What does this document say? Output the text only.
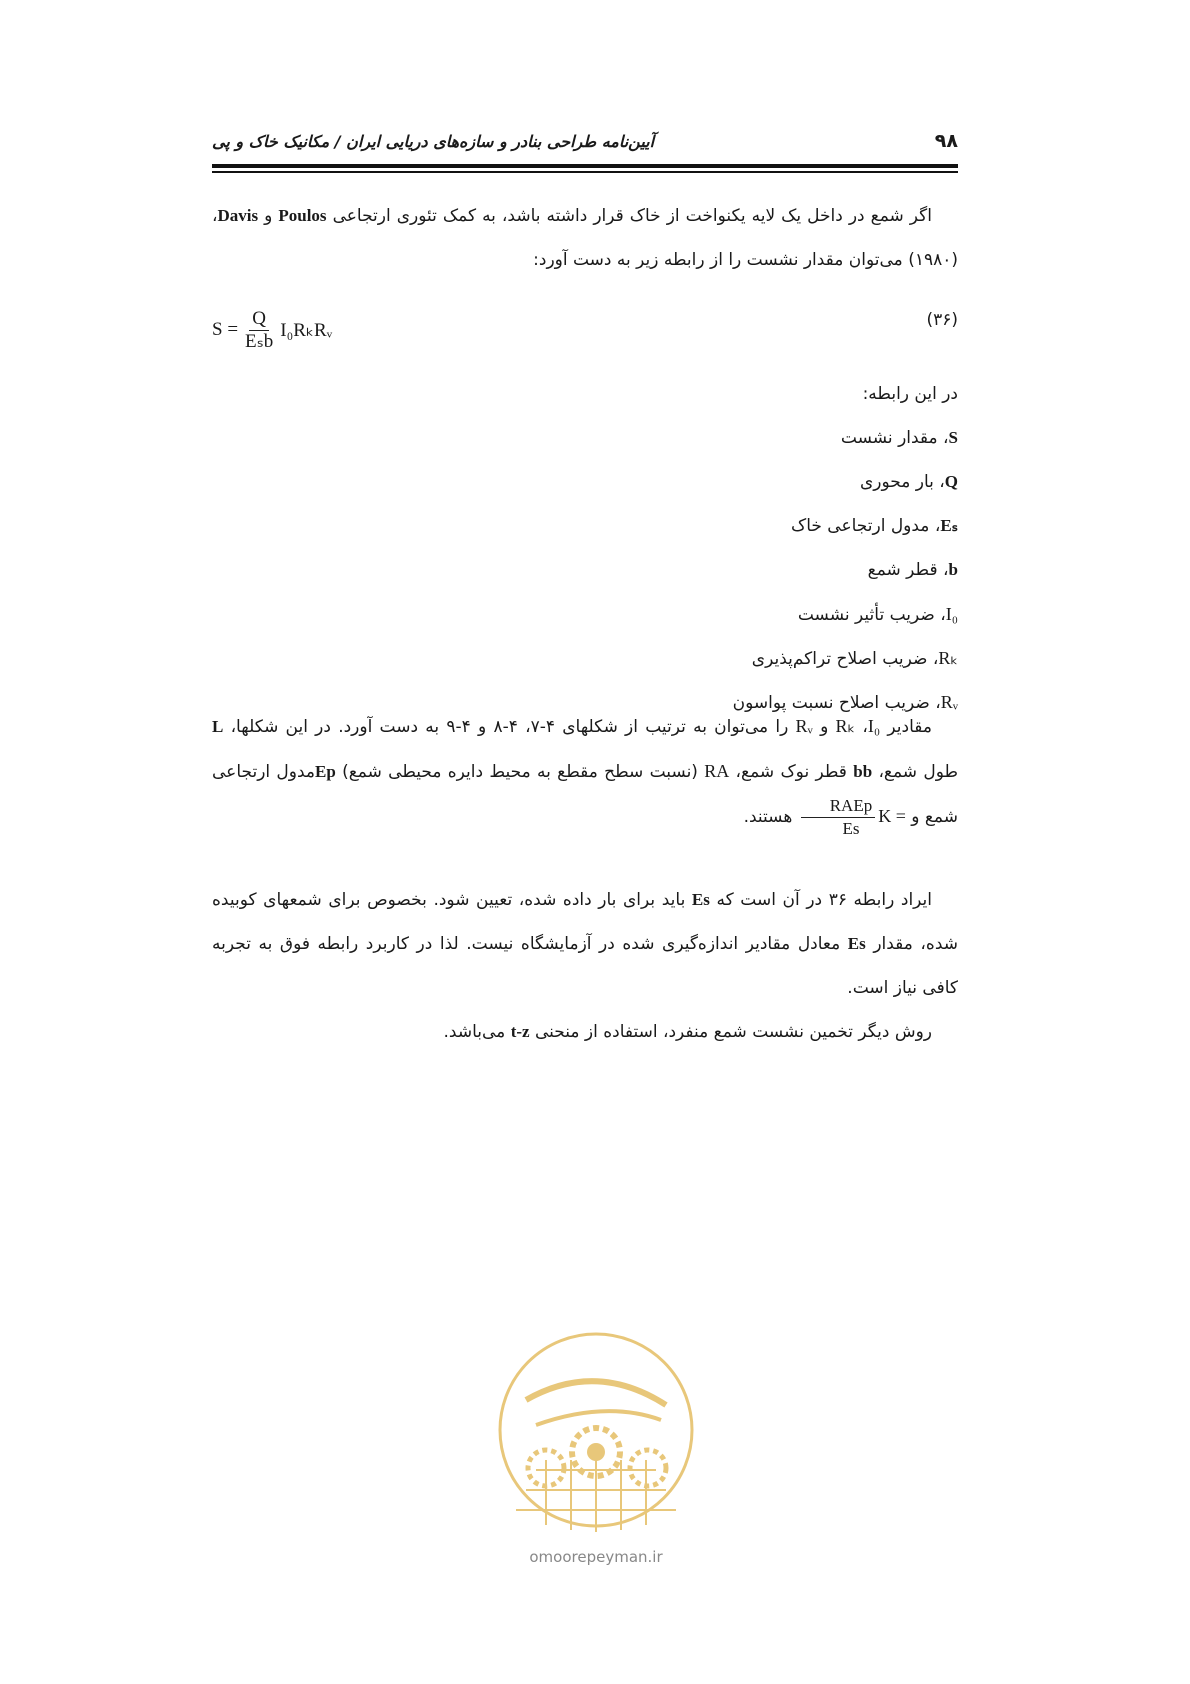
۹۸
آیین‌نامه طراحی بنادر و سازه‌های دریایی ایران / مکانیک خاک و پی

اگر شمع در داخل یک لایه یکنواخت از خاک قرار داشته باشد، به کمک تئوری ارتجاعی Poulos و Davis، (۱۹۸۰) می‌توان مقدار نشست را از رابطه زیر به دست آورد:

(۳۶)
$S = \frac{Q}{\text{Eₛb}}$ I₀RₖRᵥ
در این رابطه:
S، مقدار نشست
Q، بار محوری
Eₛ، مدول ارتجاعی خاک
b، قطر شمع
I₀، ضریب تأثیر نشست
Rₖ، ضریب اصلاح تراکم‌پذیری
Rᵥ، ضریب اصلاح نسبت پواسون

مقادیر I₀، Rₖ و Rᵥ را می‌توان به ترتیب از شکلهای ۴-۷، ۴-۸ و ۴-۹ به دست آورد. در این شکلها، L طول شمع، bb قطر نوک شمع، RA (نسبت سطح مقطع به محیط دایره محیطی شمع) Epمدول ارتجاعی شمع و K =
$\frac{\text{RAEp}}{Es}$
هستند.

ایراد رابطه ۳۶ در آن است که Es باید برای بار داده شده، تعیین شود. بخصوص برای شمعهای کوبیده شده، مقدار Es معادل مقادیر اندازه‌گیری شده در آزمایشگاه نیست. لذا در کاربرد رابطه فوق به تجربه کافی نیاز است.

روش دیگر تخمین نشست شمع منفرد، استفاده از منحنی t-z می‌باشد.

omoorepeyman.ir
